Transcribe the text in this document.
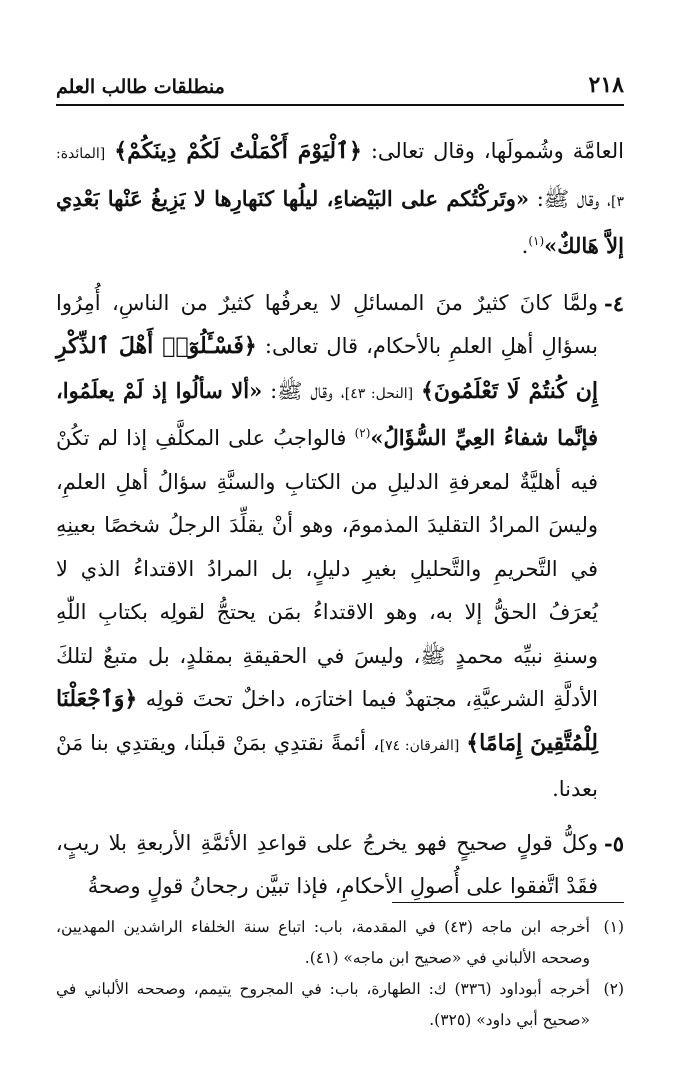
منطلقات طالب العلم	٢١٨

العامَّة وشُمولَها، وقال تعالى: ﴿ٱلْيَوْمَ أَكْمَلْتُ لَكُمْ دِينَكُمْ﴾ [المائدة: ٣]، وقال ﷺ: «وتَركْتُكم على البَيْضاءِ، ليلُها كنَهارِها لا يَزِيغُ عَنْها بَعْدِي إلاَّ هَالكٌ»$^{(١)}$.

٤-

ولمَّا كانَ كثيرٌ منَ المسائلِ لا يعرفُها كثيرٌ من الناسِ، أُمِرُوا بسؤالِ أهلِ العلمِ بالأحكام، قال تعالى: ﴿فَسْـَٔلُوٓا۟ أَهْلَ ٱلذِّكْرِ إِن كُنتُمْ لَا تَعْلَمُونَ﴾ [النحل: ٤٣]، وقال ﷺ: «ألا سألُوا إذ لَمْ يعلَمُوا، فإنَّما شفاءُ العِيِّ السُّؤَالُ»$^{(٢)}$ فالواجبُ على المكلَّفِ إذا لم تكُنْ فيه أهليَّةٌ لمعرفةِ الدليلِ من الكتابِ والسنَّةِ سؤالُ أهلِ العلمِ، وليسَ المرادُ التقليدَ المذمومَ، وهو أنْ يقلِّدَ الرجلُ شخصًا بعينِهِ في التَّحريمِ والتَّحليلِ بغيرِ دليلٍ، بل المرادُ الاقتداءُ الذي لا يُعرَفُ الحقُّ إلا به، وهو الاقتداءُ بمَن يحتجُّ لقولِه بكتابِ اللّٰهِ وسنةِ نبيِّه محمدٍ ﷺ، وليسَ في الحقيقةِ بمقلدٍ، بل متبعٌ لتلكَ الأدلَّةِ الشرعيَّةِ، مجتهدٌ فيما اختارَه، داخلٌ تحتَ قولِه ﴿وَٱجْعَلْنَا لِلْمُتَّقِينَ إِمَامًا﴾ [الفرقان: ٧٤]، أئمةً نقتدِي بمَنْ قبلَنا، ويقتدِي بنا مَنْ بعدنا.

٥-

وكلُّ قولٍ صحيحٍ فهو يخرجُ على قواعدِ الأئمَّةِ الأربعةِ بلا ريبٍ، فقَدْ اتَّفقوا على أُصولِ الأحكامِ، فإذا تبيَّن رجحانُ قولٍ وصحةُ

(١)
أخرجه ابن ماجه (٤٣) في المقدمة، باب: اتباع سنة الخلفاء الراشدين المهديين، وصححه الألباني في «صحيح ابن ماجه» (٤١).
(٢)
أخرجه أبوداود (٣٣٦) ك: الطهارة، باب: في المجروح يتيمم، وصححه الألباني في «صحيح أبي داود» (٣٢٥).
